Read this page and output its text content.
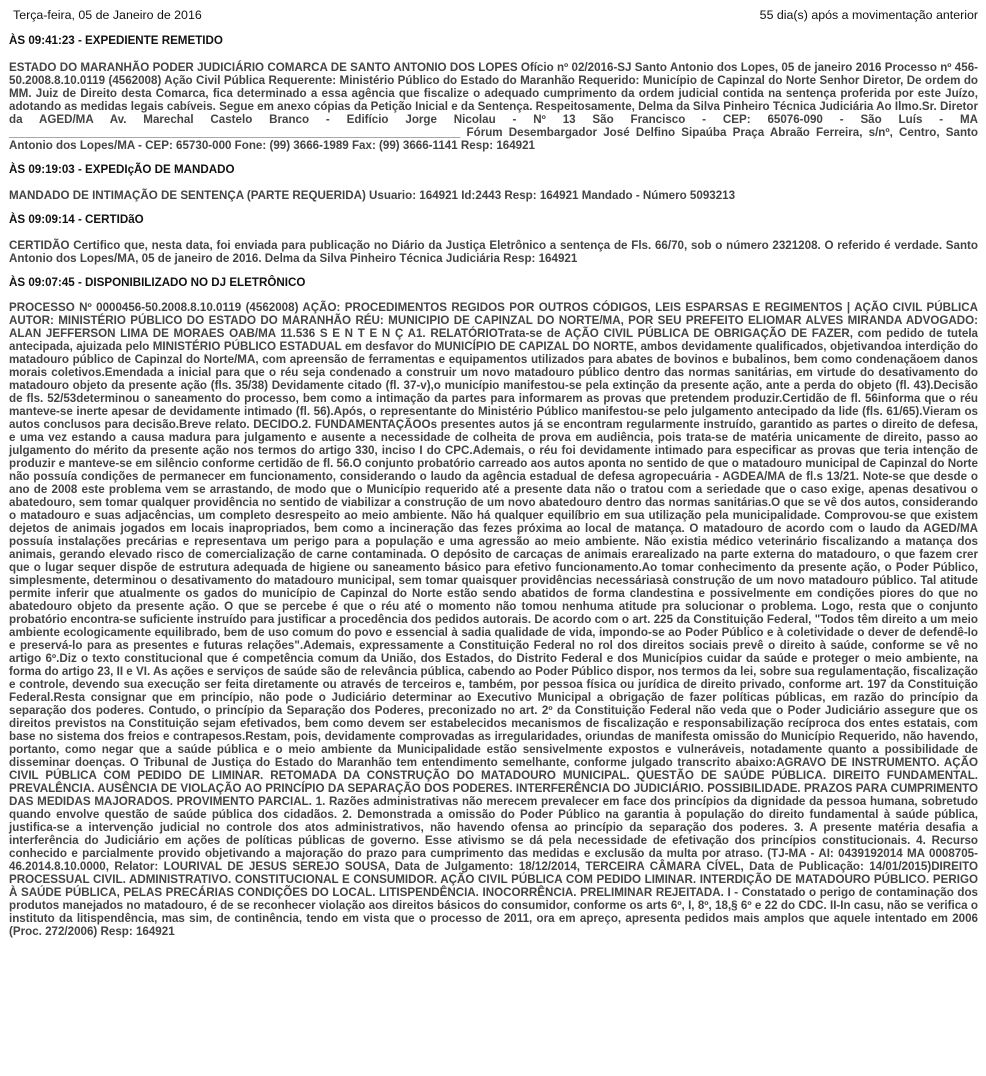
Terça-feira, 05 de Janeiro de 2016	55 dia(s) após a movimentação anterior
ÀS 09:41:23 - EXPEDIENTE REMETIDO
ESTADO DO MARANHÃO PODER JUDICIÁRIO COMARCA DE SANTO ANTONIO DOS LOPES Ofício nº 02/2016-SJ Santo Antonio dos Lopes, 05 de janeiro 2016 Processo nº 456-50.2008.8.10.0119 (4562008) Ação Civil Pública Requerente: Ministério Público do Estado do Maranhão Requerido: Município de Capinzal do Norte Senhor Diretor, De ordem do MM. Juiz de Direito desta Comarca, fica determinado a essa agência que fiscalize o adequado cumprimento da ordem judicial contida na sentença proferida por este Juízo, adotando as medidas legais cabíveis. Segue em anexo cópias da Petição Inicial e da Sentença. Respeitosamente, Delma da Silva Pinheiro Técnica Judiciária Ao Ilmo.Sr. Diretor da AGED/MA Av. Marechal Castelo Branco - Edifício Jorge Nicolau - Nº 13 São Francisco - CEP: 65076-090 - São Luís - MA ______________________________________________________________________ Fórum Desembargador José Delfino Sipaúba Praça Abraão Ferreira, s/nº, Centro, Santo Antonio dos Lopes/MA - CEP: 65730-000 Fone: (99) 3666-1989 Fax: (99) 3666-1141 Resp: 164921
ÀS 09:19:03 - EXPEDIçÃO DE MANDADO
MANDADO DE INTIMAÇÃO DE SENTENÇA (PARTE REQUERIDA) Usuario: 164921 Id:2443 Resp: 164921 Mandado - Número 5093213
ÀS 09:09:14 - CERTIDãO
CERTIDÃO Certifico que, nesta data, foi enviada para publicação no Diário da Justiça Eletrônico a sentença de Fls. 66/70, sob o número 2321208. O referido é verdade. Santo Antonio dos Lopes/MA, 05 de janeiro de 2016. Delma da Silva Pinheiro Técnica Judiciária Resp: 164921
ÀS 09:07:45 - DISPONIBILIZADO NO DJ ELETRÔNICO
PROCESSO Nº 0000456-50.2008.8.10.0119 (4562008) AÇÃO: PROCEDIMENTOS REGIDOS POR OUTROS CÓDIGOS, LEIS ESPARSAS E REGIMENTOS | AÇÃO CIVIL PÚBLICA AUTOR: MINISTÉRIO PÚBLICO DO ESTADO DO MARANHÃO RÉU: MUNICIPIO DE CAPINZAL DO NORTE/MA, POR SEU PREFEITO ELIOMAR ALVES MIRANDA ADVOGADO: ALAN JEFFERSON LIMA DE MORAES OAB/MA 11.536 S E N T E N Ç A1. RELATÓRIOTrata-se de AÇÃO CIVIL PÚBLICA DE OBRIGAÇÃO DE FAZER, com pedido de tutela antecipada, ajuizada pelo MINISTÉRIO PÚBLICO ESTADUAL em desfavor do MUNICÍPIO DE CAPIZAL DO NORTE, ambos devidamente qualificados, objetivandoa interdição do matadouro público de Capinzal do Norte/MA, com apreensão de ferramentas e equipamentos utilizados para abates de bovinos e bubalinos, bem como condenaçãoem danos morais coletivos.Emendada a inicial para que o réu seja condenado a construir um novo matadouro público dentro das normas sanitárias, em virtude do desativamento do matadouro objeto da presente ação (fls. 35/38) Devidamente citado (fl. 37-v),o município manifestou-se pela extinção da presente ação, ante a perda do objeto (fl. 43).Decisão de fls. 52/53determinou o saneamento do processo, bem como a intimação da partes para informarem as provas que pretendem produzir.Certidão de fl. 56informa que o réu manteve-se inerte apesar de devidamente intimado (fl. 56).Após, o representante do Ministério Público manifestou-se pelo julgamento antecipado da lide (fls. 61/65).Vieram os autos conclusos para decisão.Breve relato. DECIDO.2. FUNDAMENTAÇÃOOs presentes autos já se encontram regularmente instruído, garantido as partes o direito de defesa, e uma vez estando a causa madura para julgamento e ausente a necessidade de colheita de prova em audiência, pois trata-se de matéria unicamente de direito, passo ao julgamento do mérito da presente ação nos termos do artigo 330, inciso I do CPC.Ademais, o réu foi devidamente intimado para especificar as provas que teria intenção de produzir e manteve-se em silêncio conforme certidão de fl. 56.O conjunto probatório carreado aos autos aponta no sentido de que o matadouro municipal de Capinzal do Norte não possuía condições de permanecer em funcionamento, considerando o laudo da agência estadual de defesa agropecuária - AGDEA/MA de fl.s 13/21. Note-se que desde o ano de 2008 este problema vem se arrastando, de modo que o Município requerido até a presente data não o tratou com a seriedade que o caso exige, apenas desativou o abatedouro, sem tomar qualquer providência no sentido de viabilizar a construção de um novo abatedouro dentro das normas sanitárias.O que se vê dos autos, considerando o matadouro e suas adjacências, um completo desrespeito ao meio ambiente. Não há qualquer equilíbrio em sua utilização pela municipalidade. Comprovou-se que existem dejetos de animais jogados em locais inapropriados, bem como a incineração das fezes próxima ao local de matança. O matadouro de acordo com o laudo da AGED/MA possuía instalações precárias e representava um perigo para a população e uma agressão ao meio ambiente. Não existia médico veterinário fiscalizando a matança dos animais, gerando elevado risco de comercialização de carne contaminada. O depósito de carcaças de animais erarealizado na parte externa do matadouro, o que fazem crer que o lugar sequer dispõe de estrutura adequada de higiene ou saneamento básico para efetivo funcionamento.Ao tomar conhecimento da presente ação, o Poder Público, simplesmente, determinou o desativamento do matadouro municipal, sem tomar quaisquer providências necessáriasà construção de um novo matadouro público. Tal atitude permite inferir que atualmente os gados do município de Capinzal do Norte estão sendo abatidos de forma clandestina e possivelmente em condições piores do que no abatedouro objeto da presente ação. O que se percebe é que o réu até o momento não tomou nenhuma atitude pra solucionar o problema. Logo, resta que o conjunto probatório encontra-se suficiente instruído para justificar a procedência dos pedidos autorais. De acordo com o art. 225 da Constituição Federal, "Todos têm direito a um meio ambiente ecologicamente equilibrado, bem de uso comum do povo e essencial à sadia qualidade de vida, impondo-se ao Poder Público e à coletividade o dever de defendê-lo e preservá-lo para as presentes e futuras relações".Ademais, expressamente a Constituição Federal no rol dos direitos sociais prevê o direito à saúde, conforme se vê no artigo 6º.Diz o texto constitucional que é competência comum da União, dos Estados, do Distrito Federal e dos Municípios cuidar da saúde e proteger o meio ambiente, na forma do artigo 23, II e VI. As ações e serviços de saúde são de relevância pública, cabendo ao Poder Público dispor, nos termos da lei, sobre sua regulamentação, fiscalização e controle, devendo sua execução ser feita diretamente ou através de terceiros e, também, por pessoa física ou jurídica de direito privado, conforme art. 197 da Constituição Federal.Resta consignar que em princípio, não pode o Judiciário determinar ao Executivo Municipal a obrigação de fazer políticas públicas, em razão do princípio da separação dos poderes. Contudo, o princípio da Separação dos Poderes, preconizado no art. 2º da Constituição Federal não veda que o Poder Judiciário assegure que os direitos previstos na Constituição sejam efetivados, bem como devem ser estabelecidos mecanismos de fiscalização e responsabilização recíproca dos entes estatais, com base no sistema dos freios e contrapesos.Restam, pois, devidamente comprovadas as irregularidades, oriundas de manifesta omissão do Município Requerido, não havendo, portanto, como negar que a saúde pública e o meio ambiente da Municipalidade estão sensivelmente expostos e vulneráveis, notadamente quanto a possibilidade de disseminar doenças. O Tribunal de Justiça do Estado do Maranhão tem entendimento semelhante, conforme julgado transcrito abaixo:AGRAVO DE INSTRUMENTO. AÇÃO CIVIL PÚBLICA COM PEDIDO DE LIMINAR. RETOMADA DA CONSTRUÇÃO DO MATADOURO MUNICIPAL. QUESTÃO DE SAÚDE PÚBLICA. DIREITO FUNDAMENTAL. PREVALÊNCIA. AUSÊNCIA DE VIOLAÇÃO AO PRINCÍPIO DA SEPARAÇÃO DOS PODERES. INTERFERÊNCIA DO JUDICIÁRIO. POSSIBILIDADE. PRAZOS PARA CUMPRIMENTO DAS MEDIDAS MAJORADOS. PROVIMENTO PARCIAL. 1. Razões administrativas não merecem prevalecer em face dos princípios da dignidade da pessoa humana, sobretudo quando envolve questão de saúde pública dos cidadãos. 2. Demonstrada a omissão do Poder Público na garantia à população do direito fundamental à saúde pública, justifica-se a intervenção judicial no controle dos atos administrativos, não havendo ofensa ao princípio da separação dos poderes. 3. A presente matéria desafia a interferência do Judiciário em ações de políticas públicas de governo. Esse ativismo se dá pela necessidade de efetivação dos princípios constitucionais. 4. Recurso conhecido e parcialmente provido objetivando a majoração do prazo para cumprimento das medidas e exclusão da multa por atraso. (TJ-MA - AI: 0439192014 MA 0008705-46.2014.8.10.0000, Relator: LOURIVAL DE JESUS SEREJO SOUSA, Data de Julgamento: 18/12/2014, TERCEIRA CÂMARA CÍVEL, Data de Publicação: 14/01/2015)DIREITO PROCESSUAL CIVIL. ADMINISTRATIVO. CONSTITUCIONAL E CONSUMIDOR. AÇÃO CIVIL PÚBLICA COM PEDIDO LIMINAR. INTERDIÇÃO DE MATADOURO PÚBLICO. PERIGO À SAÚDE PÚBLICA, PELAS PRECÁRIAS CONDIÇÕES DO LOCAL. LITISPENDÊNCIA. INOCORRÊNCIA. PRELIMINAR REJEITADA. I - Constatado o perigo de contaminação dos produtos manejados no matadouro, é de se reconhecer violação aos direitos básicos do consumidor, conforme os arts 6º, I, 8º, 18,§ 6º e 22 do CDC. II-In casu, não se verifica o instituto da litispendência, mas sim, de continência, tendo em vista que o processo de 2011, ora em apreço, apresenta pedidos mais amplos que aquele intentado em 2006 (Proc. 272/2006) Resp: 164921
